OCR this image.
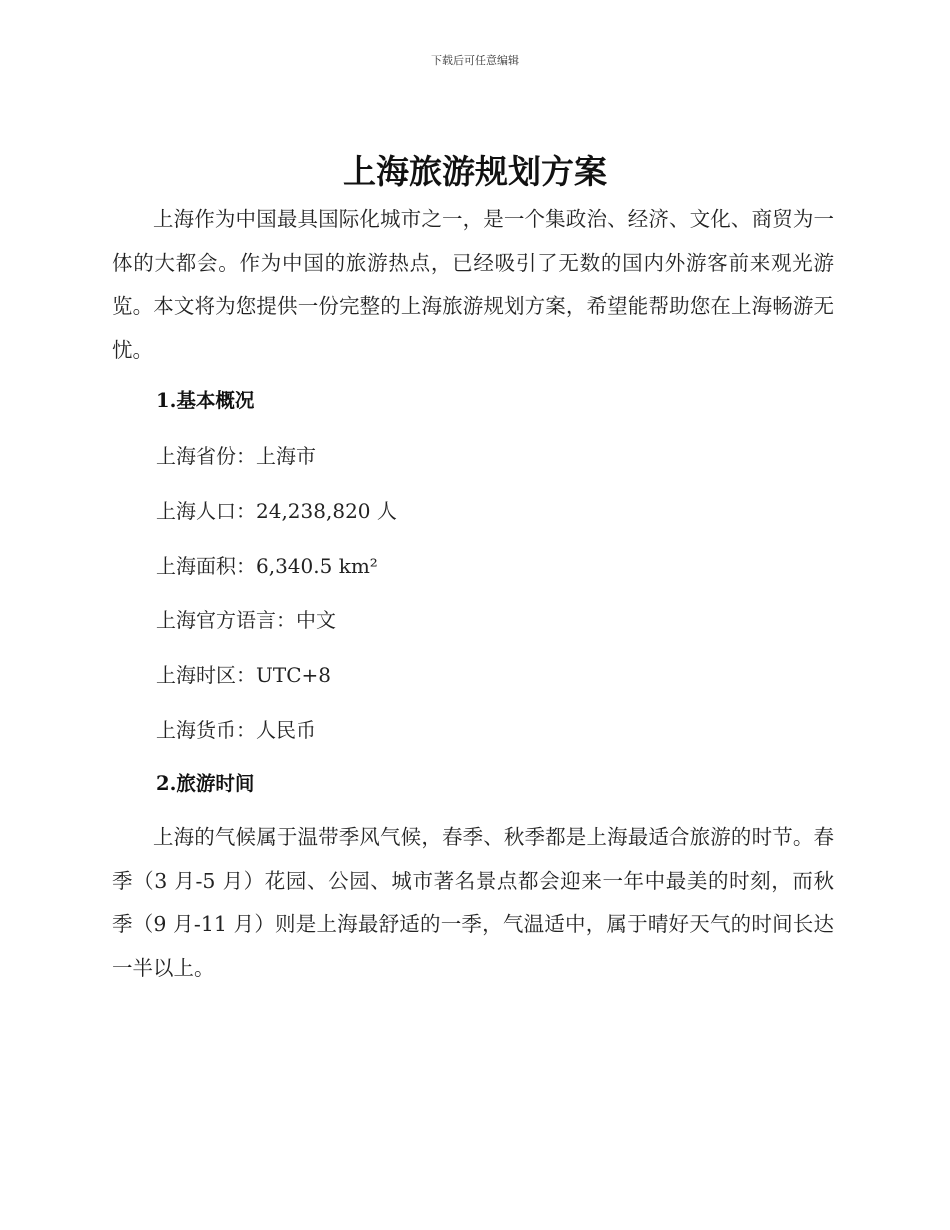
下载后可任意编辑
上海旅游规划方案

上海作为中国最具国际化城市之一，是一个集政治、经济、文化、商贸为一体的大都会。作为中国的旅游热点，已经吸引了无数的国内外游客前来观光游览。本文将为您提供一份完整的上海旅游规划方案，希望能帮助您在上海畅游无忧。

1.基本概况
上海省份：上海市
上海人口：24,238,820 人
上海面积：6,340.5 km²
上海官方语言：中文
上海时区：UTC+8
上海货币：人民币
2.旅游时间

上海的气候属于温带季风气候，春季、秋季都是上海最适合旅游的时节。春季（3 月-5 月）花园、公园、城市著名景点都会迎来一年中最美的时刻，而秋季（9 月-11 月）则是上海最舒适的一季，气温适中，属于晴好天气的时间长达一半以上。
